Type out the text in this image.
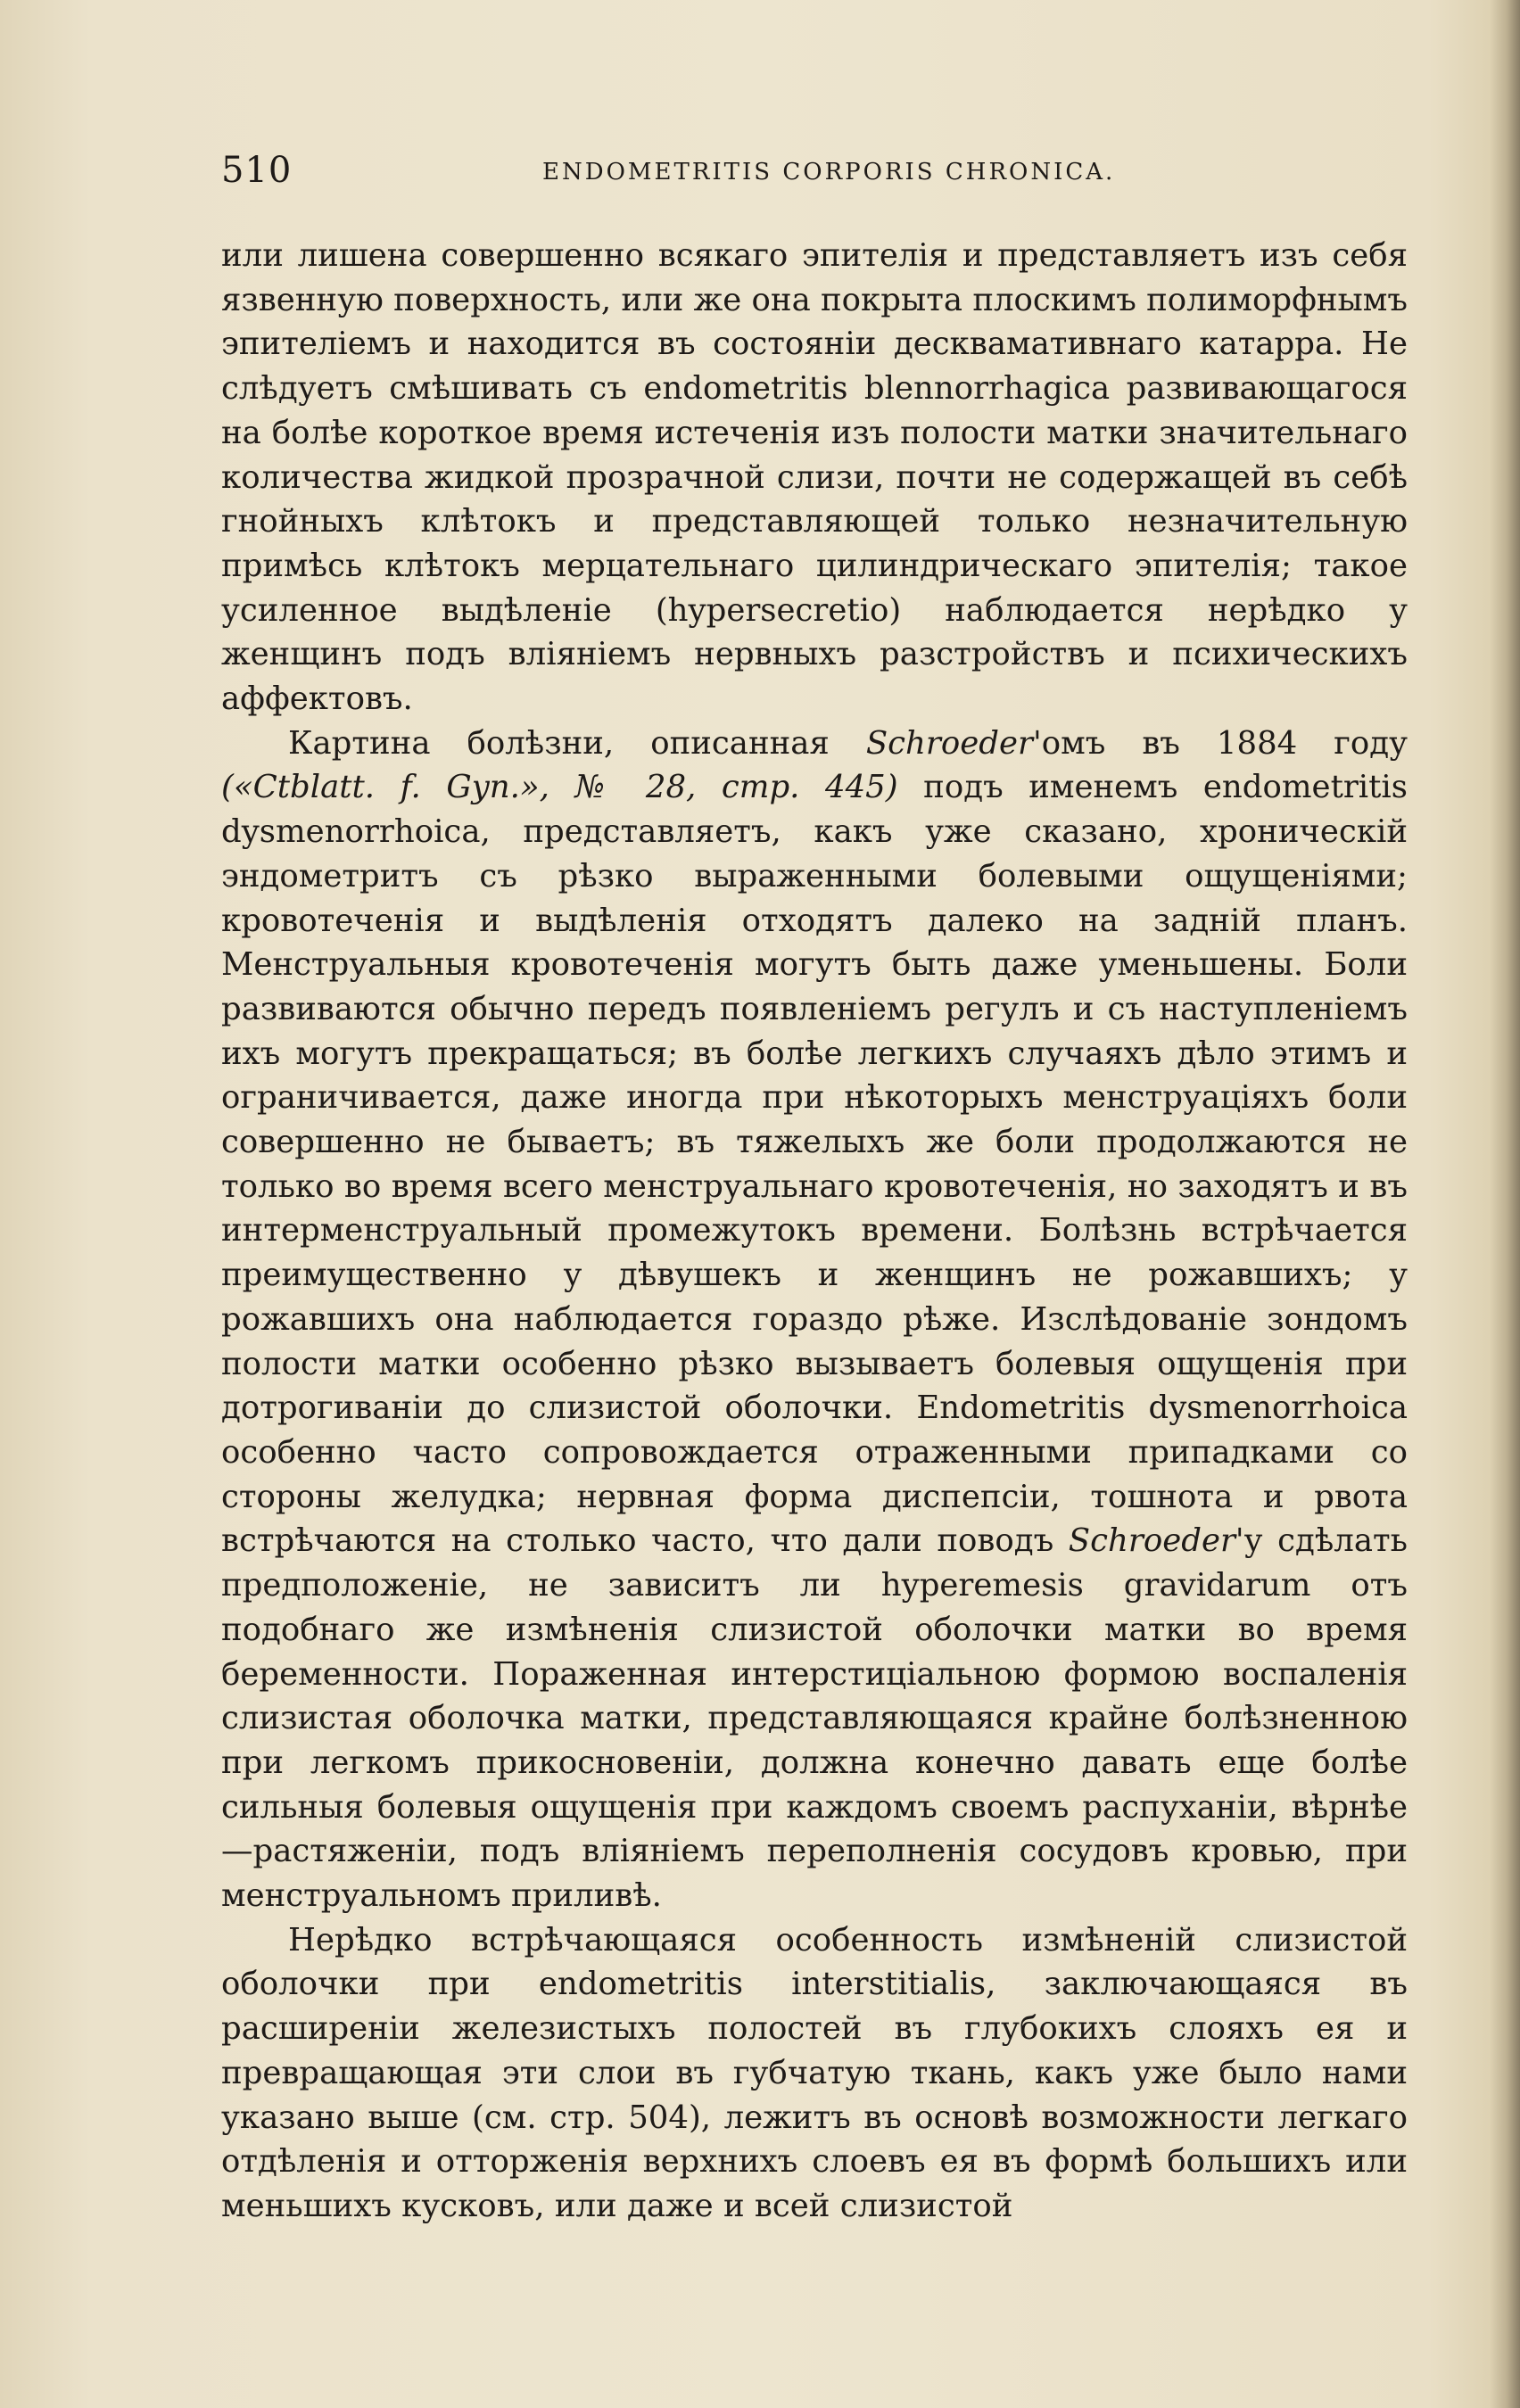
510	ENDOMETRITIS CORPORIS CHRONICA.

или лишена совершенно всякаго эпителія и представляетъ изъ себя язвенную поверхность, или же она покрыта плоскимъ полиморфнымъ эпителіемъ и находится въ состояніи десквамативнаго катарра. Не слѣдуетъ смѣшивать съ endometritis blennorrhagica развивающагося на болѣе короткое время истеченія изъ полости матки значительнаго количества жидкой прозрачной слизи, почти не содержащей въ себѣ гнойныхъ клѣтокъ и представляющей только незначительную примѣсь клѣтокъ мерцательнаго цилиндрическаго эпителія; такое усиленное выдѣленіе (hypersecretio) наблюдается нерѣдко у женщинъ подъ вліяніемъ нервныхъ разстройствъ и психическихъ аффектовъ.

Картина болѣзни, описанная Schroeder'омъ въ 1884 году («Ctblatt. f. Gyn.», № 28, стр. 445) подъ именемъ endometritis dysmenorrhoica, представляетъ, какъ уже сказано, хроническій эндометритъ съ рѣзко выраженными болевыми ощущеніями; кровотеченія и выдѣленія отходятъ далеко на задній планъ. Менструальныя кровотеченія могутъ быть даже уменьшены. Боли развиваются обычно передъ появленіемъ регулъ и съ наступленіемъ ихъ могутъ прекращаться; въ болѣе легкихъ случаяхъ дѣло этимъ и ограничивается, даже иногда при нѣкоторыхъ менструаціяхъ боли совершенно не бываетъ; въ тяжелыхъ же боли продолжаются не только во время всего менструальнаго кровотеченія, но заходятъ и въ интерменструальный промежутокъ времени. Болѣзнь встрѣчается преимущественно у дѣвушекъ и женщинъ не рожавшихъ; у рожавшихъ она наблюдается гораздо рѣже. Изслѣдованіе зондомъ полости матки особенно рѣзко вызываетъ болевыя ощущенія при дотрогиваніи до слизистой оболочки. Endometritis dysmenorrhoica особенно часто сопровождается отраженными припадками со стороны желудка; нервная форма диспепсіи, тошнота и рвота встрѣчаются на столько часто, что дали поводъ Schroeder'у сдѣлать предположеніе, не зависитъ ли hyperemesis gravidarum отъ подобнаго же измѣненія слизистой оболочки матки во время беременности. Пораженная интерстиціальною формою воспаленія слизистая оболочка матки, представляющаяся крайне болѣзненною при легкомъ прикосновеніи, должна конечно давать еще болѣе сильныя болевыя ощущенія при каждомъ своемъ распуханіи, вѣрнѣе—растяженіи, подъ вліяніемъ переполненія сосудовъ кровью, при менструальномъ приливѣ.

Нерѣдко встрѣчающаяся особенность измѣненій слизистой оболочки при endometritis interstitialis, заключающаяся въ расширеніи железистыхъ полостей въ глубокихъ слояхъ ея и превращающая эти слои въ губчатую ткань, какъ уже было нами указано выше (см. стр. 504), лежитъ въ основѣ возможности легкаго отдѣленія и отторженія верхнихъ слоевъ ея въ формѣ большихъ или меньшихъ кусковъ, или даже и всей слизистой
